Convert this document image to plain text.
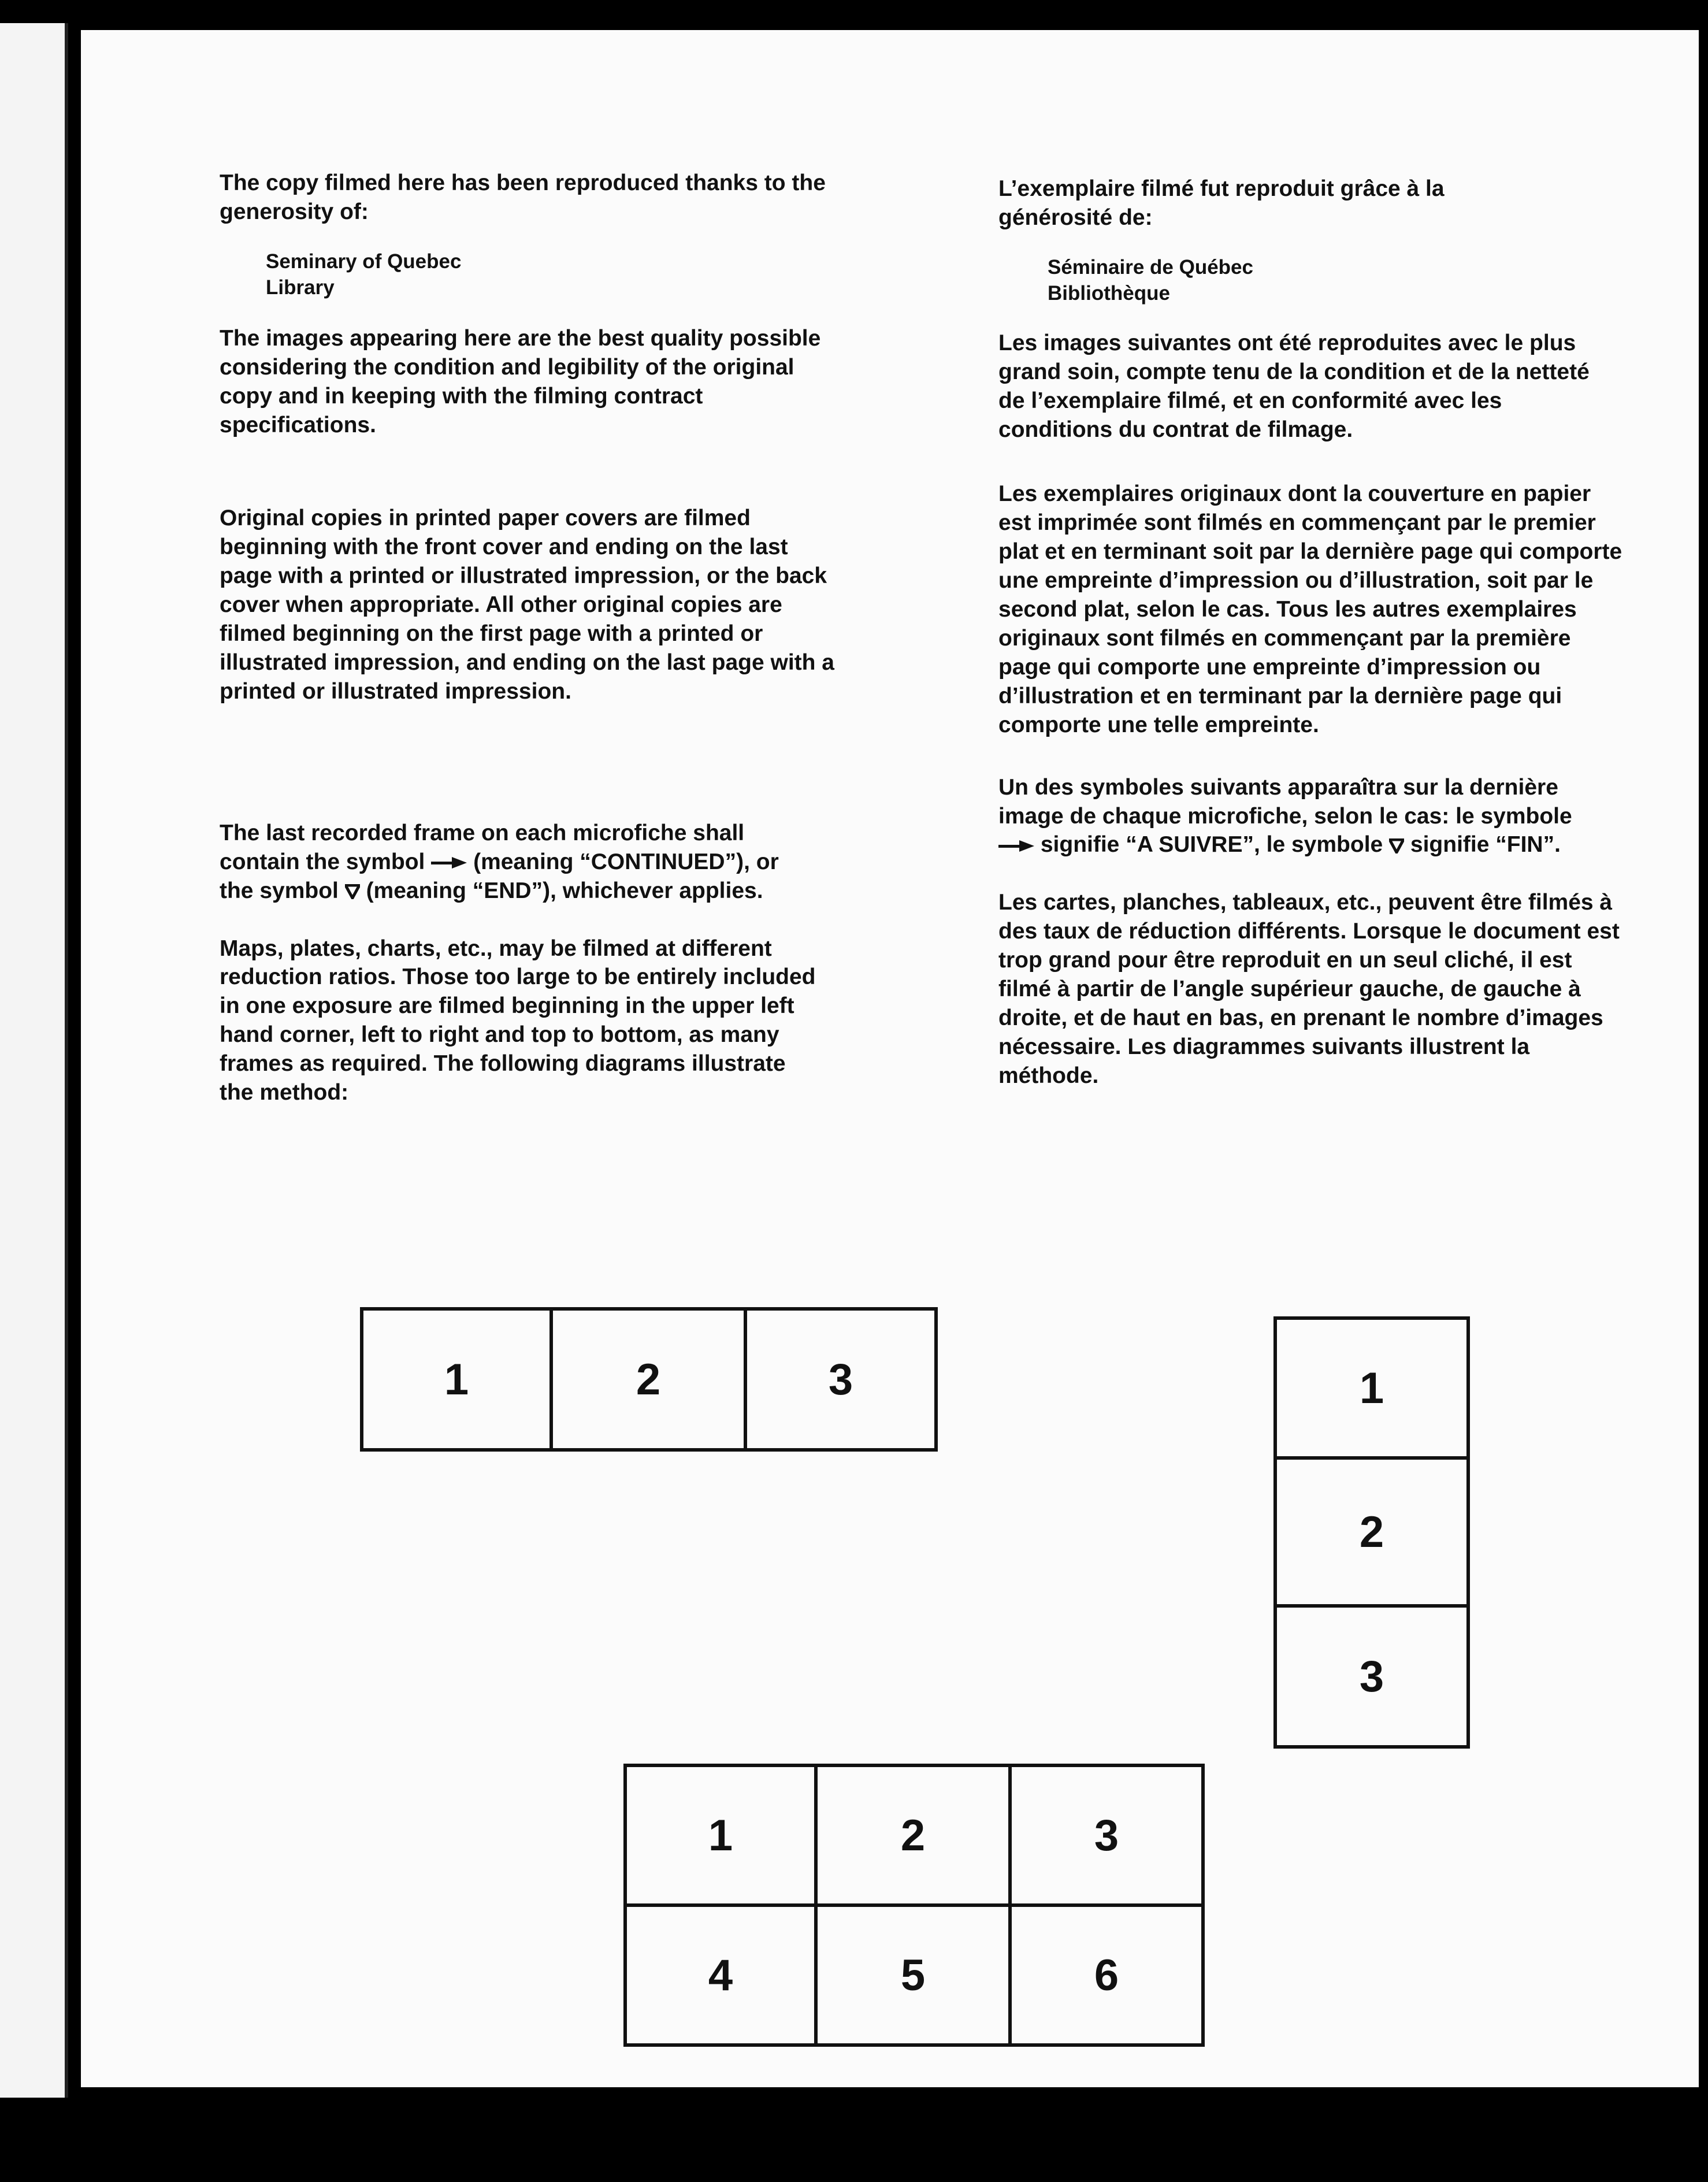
The copy filmed here has been reproduced thanks to the generosity of:

Seminary of Quebec
Library

The images appearing here are the best quality possible considering the condition and legibility of the original copy and in keeping with the filming contract specifications.

Original copies in printed paper covers are filmed beginning with the front cover and ending on the last page with a printed or illustrated impression, or the back cover when appropriate. All other original copies are filmed beginning on the first page with a printed or illustrated impression, and ending on the last page with a printed or illustrated impression.

The last recorded frame on each microfiche shall contain the symbol (meaning “CONTINUED”), or the symbol (meaning “END”), whichever applies.

Maps, plates, charts, etc., may be filmed at different reduction ratios. Those too large to be entirely included in one exposure are filmed beginning in the upper left hand corner, left to right and top to bottom, as many frames as required. The following diagrams illustrate the method:

L’exemplaire filmé fut reproduit grâce à la générosité de:

Séminaire de Québec
Bibliothèque

Les images suivantes ont été reproduites avec le plus grand soin, compte tenu de la condition et de la netteté de l’exemplaire filmé, et en conformité avec les conditions du contrat de filmage.

Les exemplaires originaux dont la couverture en papier est imprimée sont filmés en commençant par le premier plat et en terminant soit par la dernière page qui comporte une empreinte d’impression ou d’illustration, soit par le second plat, selon le cas. Tous les autres exemplaires originaux sont filmés en commençant par la première page qui comporte une empreinte d’impression ou d’illustration et en terminant par la dernière page qui comporte une telle empreinte.

Un des symboles suivants apparaîtra sur la dernière image de chaque microfiche, selon le cas: le symbole  signifie “A SUIVRE”, le symbole signifie “FIN”.

Les cartes, planches, tableaux, etc., peuvent être filmés à des taux de réduction différents. Lorsque le document est trop grand pour être reproduit en un seul cliché, il est filmé à partir de l’angle supérieur gauche, de gauche à droite, et de haut en bas, en prenant le nombre d’images nécessaire. Les diagrammes suivants illustrent la méthode.

1	2	3	1
2
3
1	2	3
4	5	6
